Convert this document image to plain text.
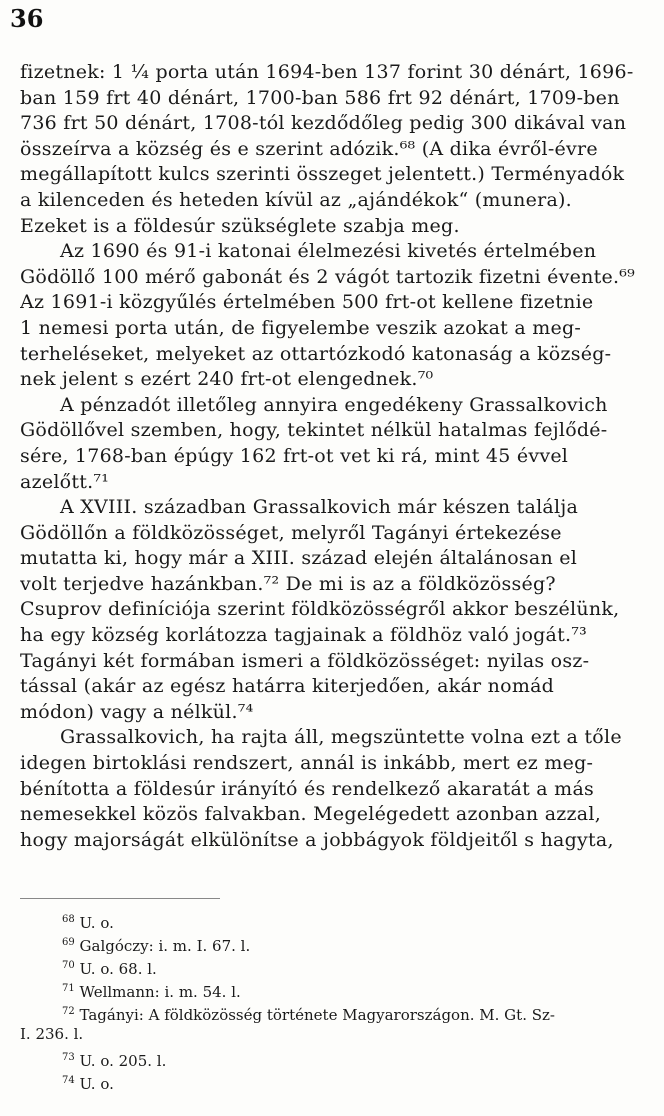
36
fizetnek: 1 ¼ porta után 1694-ben 137 forint 30 dénárt, 1696-
ban 159 frt 40 dénárt, 1700-ban 586 frt 92 dénárt, 1709-ben
736 frt 50 dénárt, 1708-tól kezdődőleg pedig 300 dikával van
összeírva a község és e szerint adózik.⁶⁸ (A dika évről-évre
megállapított kulcs szerinti összeget jelentett.) Terményadók
a kilenceden és heteden kívül az „ajándékok“ (munera).
Ezeket is a földesúr szükséglete szabja meg.
Az 1690 és 91-i katonai élelmezési kivetés értelmében
Gödöllő 100 mérő gabonát és 2 vágót tartozik fizetni évente.⁶⁹
Az 1691-i közgyűlés értelmében 500 frt-ot kellene fizetnie
1 nemesi porta után, de figyelembe veszik azokat a meg-
terheléseket, melyeket az ottartózkodó katonaság a község-
nek jelent s ezért 240 frt-ot elengednek.⁷⁰
A pénzadót illetőleg annyira engedékeny Grassalkovich
Gödöllővel szemben, hogy, tekintet nélkül hatalmas fejlődé-
sére, 1768-ban épúgy 162 frt-ot vet ki rá, mint 45 évvel
azelőtt.⁷¹
A XVIII. században Grassalkovich már készen találja
Gödöllőn a földközösséget, melyről Tagányi értekezése
mutatta ki, hogy már a XIII. század elején általánosan el
volt terjedve hazánkban.⁷² De mi is az a földközösség?
Csuprov definíciója szerint földközösségről akkor beszélünk,
ha egy község korlátozza tagjainak a földhöz való jogát.⁷³
Tagányi két formában ismeri a földközösséget: nyilas osz-
tással (akár az egész határra kiterjedően, akár nomád
módon) vagy a nélkül.⁷⁴
Grassalkovich, ha rajta áll, megszüntette volna ezt a tőle
idegen birtoklási rendszert, annál is inkább, mert ez meg-
bénította a földesúr irányító és rendelkező akaratát a más
nemesekkel közös falvakban. Megelégedett azonban azzal,
hogy majorságát elkülönítse a jobbágyok földjeitől s hagyta,
$^{68}$ U. o.
$^{69}$ Galgóczy: i. m. I. 67. l.
$^{70}$ U. o. 68. l.
$^{71}$ Wellmann: i. m. 54. l.
$^{72}$ Tagányi: A földközösség története Magyarországon. M. Gt. Sz-
I. 236. l.
$^{73}$ U. o. 205. l.
$^{74}$ U. o.
